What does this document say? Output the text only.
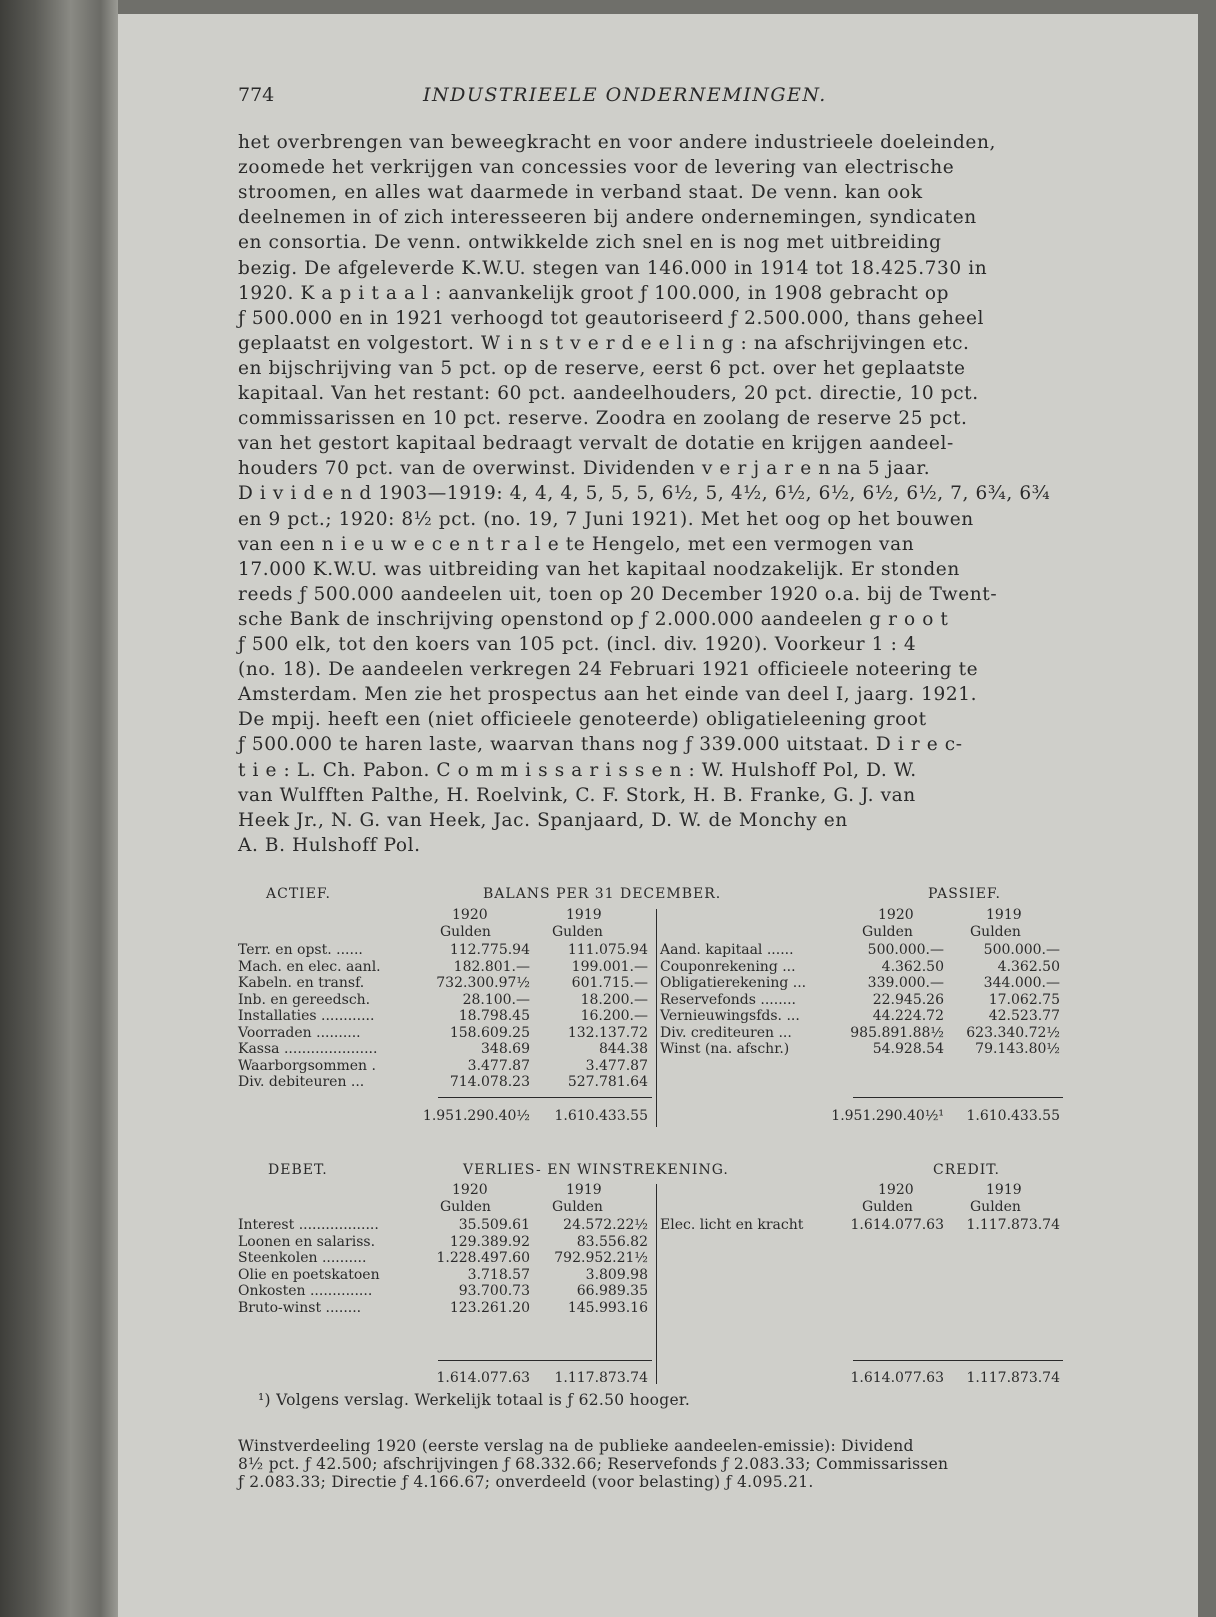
774	INDUSTRIEELE ONDERNEMINGEN.
het overbrengen van beweegkracht en voor andere industrieele doeleinden,
zoomede het verkrijgen van concessies voor de levering van electrische
stroomen, en alles wat daarmede in verband staat. De venn. kan ook
deelnemen in of zich interesseeren bij andere ondernemingen, syndicaten
en consortia. De venn. ontwikkelde zich snel en is nog met uitbreiding
bezig. De afgeleverde K.W.U. stegen van 146.000 in 1914 tot 18.425.730 in
1920. K a p i t a a l : aanvankelijk groot ƒ 100.000, in 1908 gebracht op
ƒ 500.000 en in 1921 verhoogd tot geautoriseerd ƒ 2.500.000, thans geheel
geplaatst en volgestort. W i n s t v e r d e e l i n g : na afschrijvingen etc.
en bijschrijving van 5 pct. op de reserve, eerst 6 pct. over het geplaatste
kapitaal. Van het restant: 60 pct. aandeelhouders, 20 pct. directie, 10 pct.
commissarissen en 10 pct. reserve. Zoodra en zoolang de reserve 25 pct.
van het gestort kapitaal bedraagt vervalt de dotatie en krijgen aandeel-
houders 70 pct. van de overwinst. Dividenden v e r j a r e n na 5 jaar.
D i v i d e n d 1903—1919: 4, 4, 4, 5, 5, 5, 6½, 5, 4½, 6½, 6½, 6½, 6½, 7, 6¾, 6¾
en 9 pct.; 1920: 8½ pct. (no. 19, 7 Juni 1921). Met het oog op het bouwen
van een n i e u w e c e n t r a l e te Hengelo, met een vermogen van
17.000 K.W.U. was uitbreiding van het kapitaal noodzakelijk. Er stonden
reeds ƒ 500.000 aandeelen uit, toen op 20 December 1920 o.a. bij de Twent-
sche Bank de inschrijving openstond op ƒ 2.000.000 aandeelen g r o o t
ƒ 500 elk, tot den koers van 105 pct. (incl. div. 1920). Voorkeur 1 : 4
(no. 18). De aandeelen verkregen 24 Februari 1921 officieele noteering te
Amsterdam. Men zie het prospectus aan het einde van deel I, jaarg. 1921.
De mpij. heeft een (niet officieele genoteerde) obligatieleening groot
ƒ 500.000 te haren laste, waarvan thans nog ƒ 339.000 uitstaat. D i r e c-
t i e : L. Ch. Pabon. C o m m i s s a r i s s e n : W. Hulshoff Pol, D. W.
van Wulfften Palthe, H. Roelvink, C. F. Stork, H. B. Franke, G. J. van
Heek Jr., N. G. van Heek, Jac. Spanjaard, D. W. de Monchy en
A. B. Hulshoff Pol.
ACTIEF.	BALANS PER 31 DECEMBER.	PASSIEF.
1920	1919
Gulden	Gulden
1920	1919
Gulden	Gulden
Terr. en opst. ......	112.775.94	111.075.94
Mach. en elec. aanl.	182.801.—	199.001.—
Kabeln. en transf.	732.300.97½	601.715.—
Inb. en gereedsch.	28.100.—	18.200.—
Installaties ............	18.798.45	16.200.—
Voorraden ..........	158.609.25	132.137.72
Kassa .....................	348.69	844.38
Waarborgsommen .	3.477.87	3.477.87
Div. debiteuren ...	714.078.23	527.781.64
Aand. kapitaal ......	500.000.—	500.000.—
Couponrekening ...	4.362.50	4.362.50
Obligatierekening ...	339.000.—	344.000.—
Reservefonds ........	22.945.26	17.062.75
Vernieuwingsfds. ...	44.224.72	42.523.77
Div. crediteuren ...	985.891.88½	623.340.72½
Winst (na. afschr.)	54.928.54	79.143.80½
1.951.290.40½	1.610.433.55	1.951.290.40½¹	1.610.433.55
DEBET.	VERLIES- EN WINSTREKENING.	CREDIT.
1920	1919
Gulden	Gulden
1920	1919
Gulden	Gulden
Interest ..................	35.509.61	24.572.22½
Loonen en salariss.	129.389.92	83.556.82
Steenkolen ..........	1.228.497.60	792.952.21½
Olie en poetskatoen	3.718.57	3.809.98
Onkosten ..............	93.700.73	66.989.35
Bruto-winst ........	123.261.20	145.993.16
Elec. licht en kracht	1.614.077.63	1.117.873.74
1.614.077.63	1.117.873.74	1.614.077.63	1.117.873.74
¹) Volgens verslag. Werkelijk totaal is ƒ 62.50 hooger.
Winstverdeeling 1920 (eerste verslag na de publieke aandeelen-emissie): Dividend
8½ pct. ƒ 42.500; afschrijvingen ƒ 68.332.66; Reservefonds ƒ 2.083.33; Commissarissen
ƒ 2.083.33; Directie ƒ 4.166.67; onverdeeld (voor belasting) ƒ 4.095.21.
